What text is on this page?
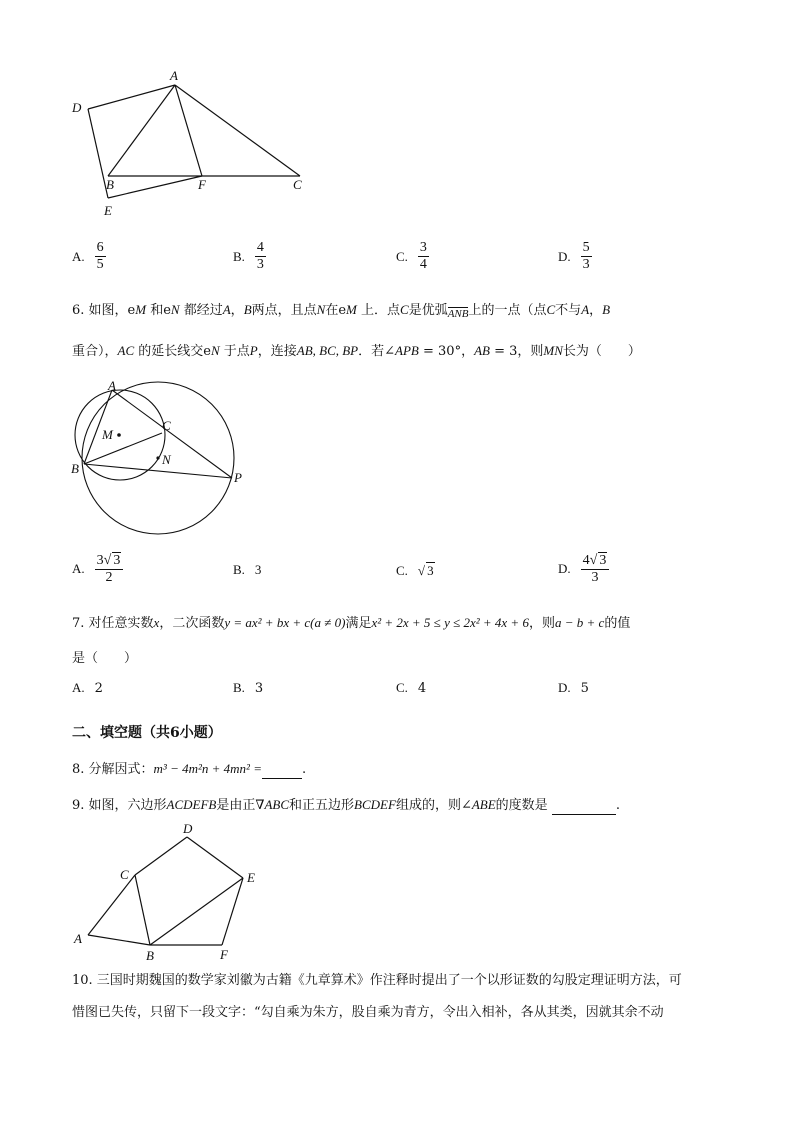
A
D
B	F	C
E
A. $\frac{6}{5}$	B. $\frac{4}{3}$	C. $\frac{3}{4}$	D. $\frac{5}{3}$
6. 如图，eM 和eN 都经过A，B两点，且点N在eM 上．点C是优弧$_{ANB}$上的一点（点C不与A，B
重合），AC 的延长线交eN 于点P，连接AB, BC, BP．若∠APB = 30°，AB = 3，则MN长为（　　）
A
M
C
N
B
P
A. $\frac{3√ 3}{2}$	B. 3	C. √ 3	D. $\frac{4√ 3}{3}$
7. 对任意实数x，二次函数y = ax² + bx + c(a ≠ 0)满足x² + 2x + 5 ≤ y ≤ 2x² + 4x + 6，则a − b + c的值
是（　　）
A. 2	B. 3	C. 4	D. 5
二、填空题（共6小题）
8. 分解因式：m³ − 4m²n + 4mn² =	.
9. 如图，六边形ACDEFB是由正∇ABC和正五边形BCDEF组成的，则∠ABE的度数是	.
A
B
C
D
E
F
10. 三国时期魏国的数学家刘徽为古籍《九章算术》作注释时提出了一个以形证数的勾股定理证明方法，可
惜图已失传，只留下一段文字：“勾自乘为朱方，股自乘为青方，令出入相补，各从其类，因就其余不动
